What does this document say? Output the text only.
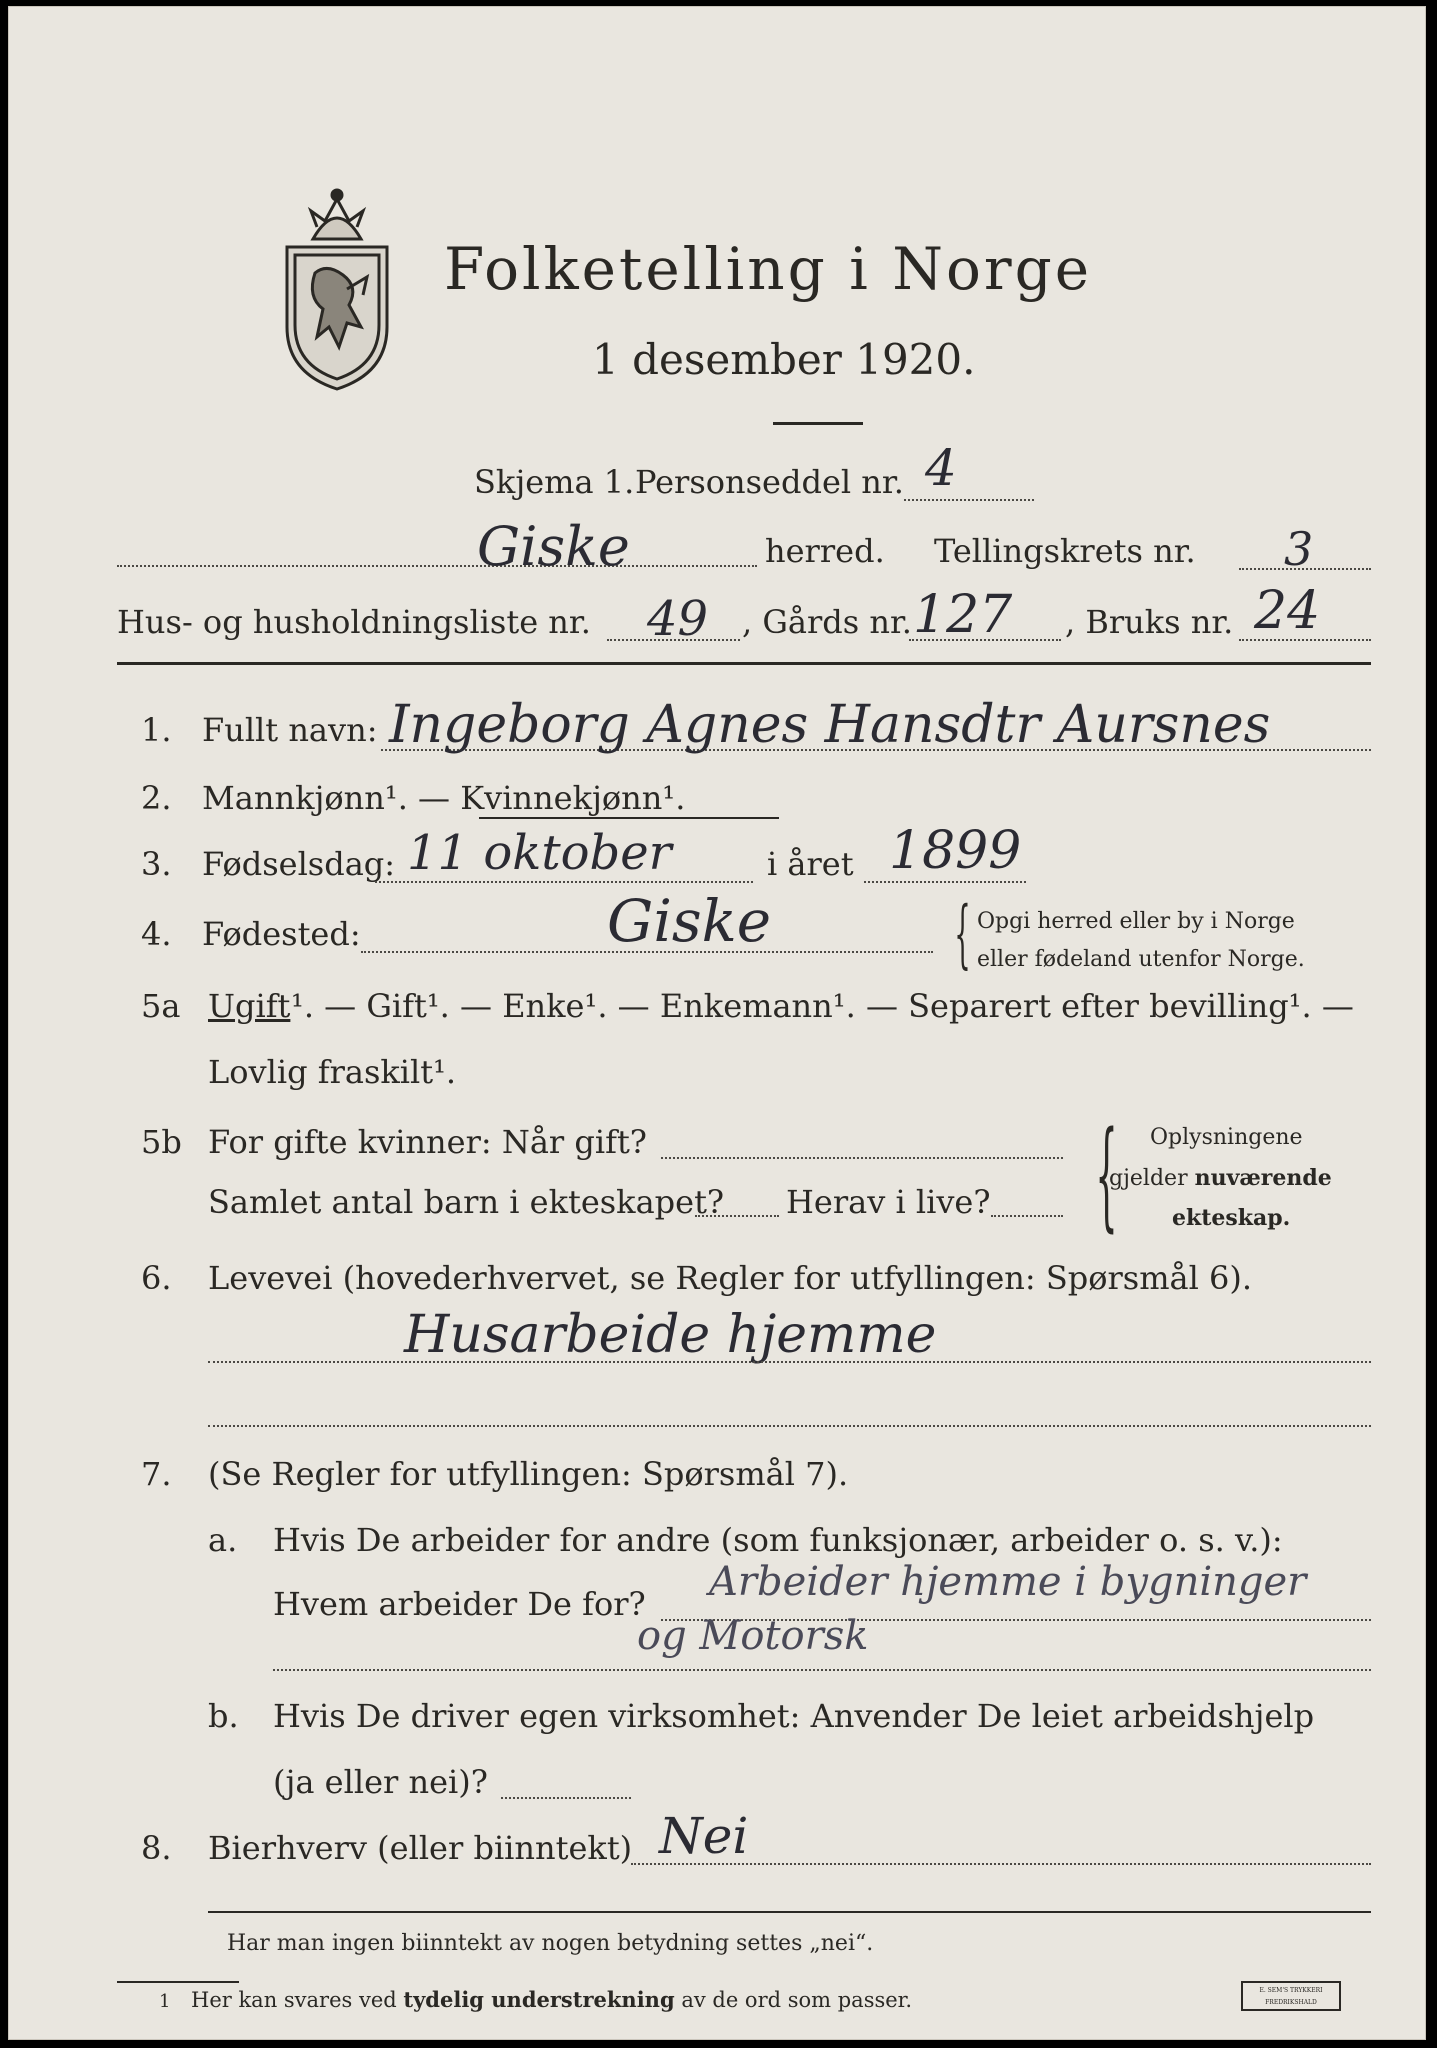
Folketelling i Norge
1 desember 1920.
Skjema 1. Personseddel nr. 4
Giske	herred. Tellingskrets nr. 3
Hus- og husholdningsliste nr. 49 , Gårds nr. 127 , Bruks nr. 24
1. Fullt navn: Ingeborg Agnes Hansdtr Aursnes
2. Mannkjønn¹. — Kvinnekjønn¹.
3. Fødselsdag: 11 oktober	i året 1899
4. Fødested:	Giske { Opgi herred eller by i Norge
eller fødeland utenfor Norge.
5a Ugift ¹. — Gift¹. — Enke¹. — Enkemann¹. — Separert efter bevilling¹. —
Lovlig fraskilt¹.
5b For gifte kvinner: Når gift?
Samlet antal barn i ekteskapet? Herav i live? { Oplysningene
gjelder nuværende
ekteskap.
6. Levevei (hovederhvervet, se Regler for utfyllingen: Spørsmål 6).
Husarbeide hjemme
7. (Se Regler for utfyllingen: Spørsmål 7).
a. Hvis De arbeider for andre (som funksjonær, arbeider o. s. v.):
Hvem arbeider De for? Arbeider hjemme i bygninger
og Motorsk
b. Hvis De driver egen virksomhet: Anvender De leiet arbeidshjelp
(ja eller nei)?
8. Bierhverv (eller biinntekt) Nei
Har man ingen biinntekt av nogen betydning settes „nei“.
1 Her kan svares ved tydelig understrekning av de ord som passer.	E. SEM'S TRYKKERI FREDRIKSHALD
